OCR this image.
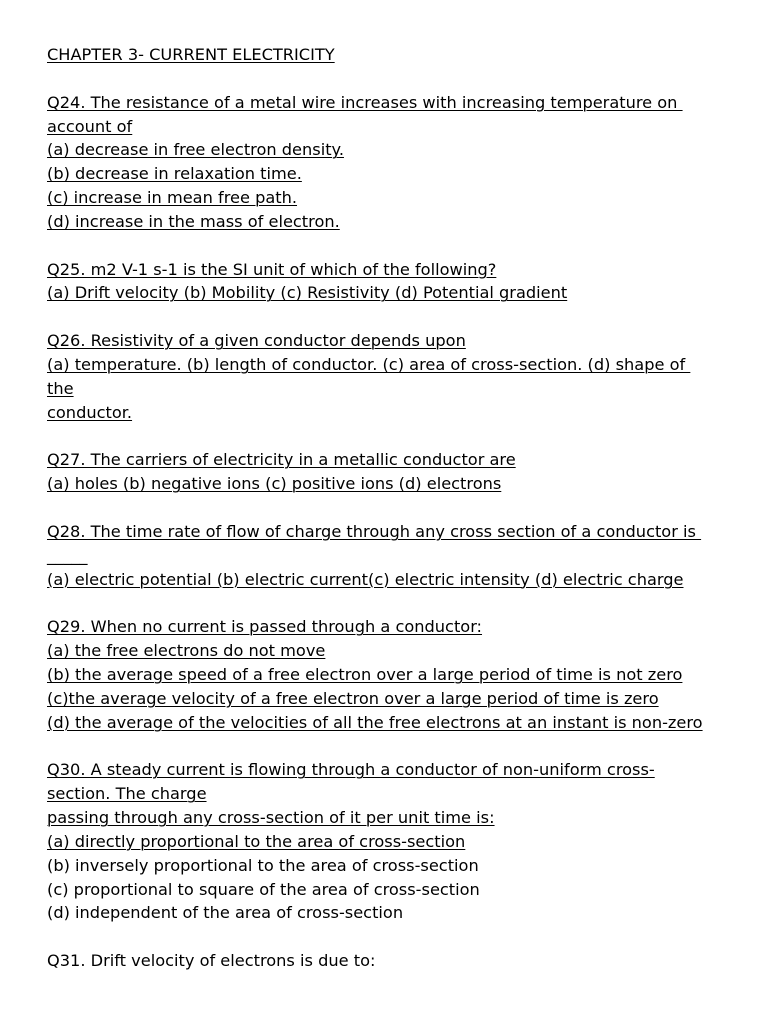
CHAPTER 3- CURRENT ELECTRICITY
Q24. The resistance of a metal wire increases with increasing temperature on
account of
(a) decrease in free electron density.
(b) decrease in relaxation time.
(c) increase in mean free path.
(d) increase in the mass of electron.
Q25. m2 V-1 s-1 is the SI unit of which of the following?
(a) Drift velocity (b) Mobility (c) Resistivity (d) Potential gradient
Q26. Resistivity of a given conductor depends upon
(a) temperature. (b) length of conductor. (c) area of cross-section. (d) shape of
the
conductor.
Q27. The carriers of electricity in a metallic conductor are
(a) holes (b) negative ions (c) positive ions (d) electrons
Q28. The time rate of flow of charge through any cross section of a conductor is
_____
(a) electric potential (b) electric current(c) electric intensity (d) electric charge
Q29. When no current is passed through a conductor:
(a) the free electrons do not move
(b) the average speed of a free electron over a large period of time is not zero
(c)the average velocity of a free electron over a large period of time is zero
(d) the average of the velocities of all the free electrons at an instant is non-zero
Q30. A steady current is flowing through a conductor of non-uniform cross-
section. The charge
passing through any cross-section of it per unit time is:
(a) directly proportional to the area of cross-section
(b) inversely proportional to the area of cross-section
(c) proportional to square of the area of cross-section
(d) independent of the area of cross-section
Q31. Drift velocity of electrons is due to:
